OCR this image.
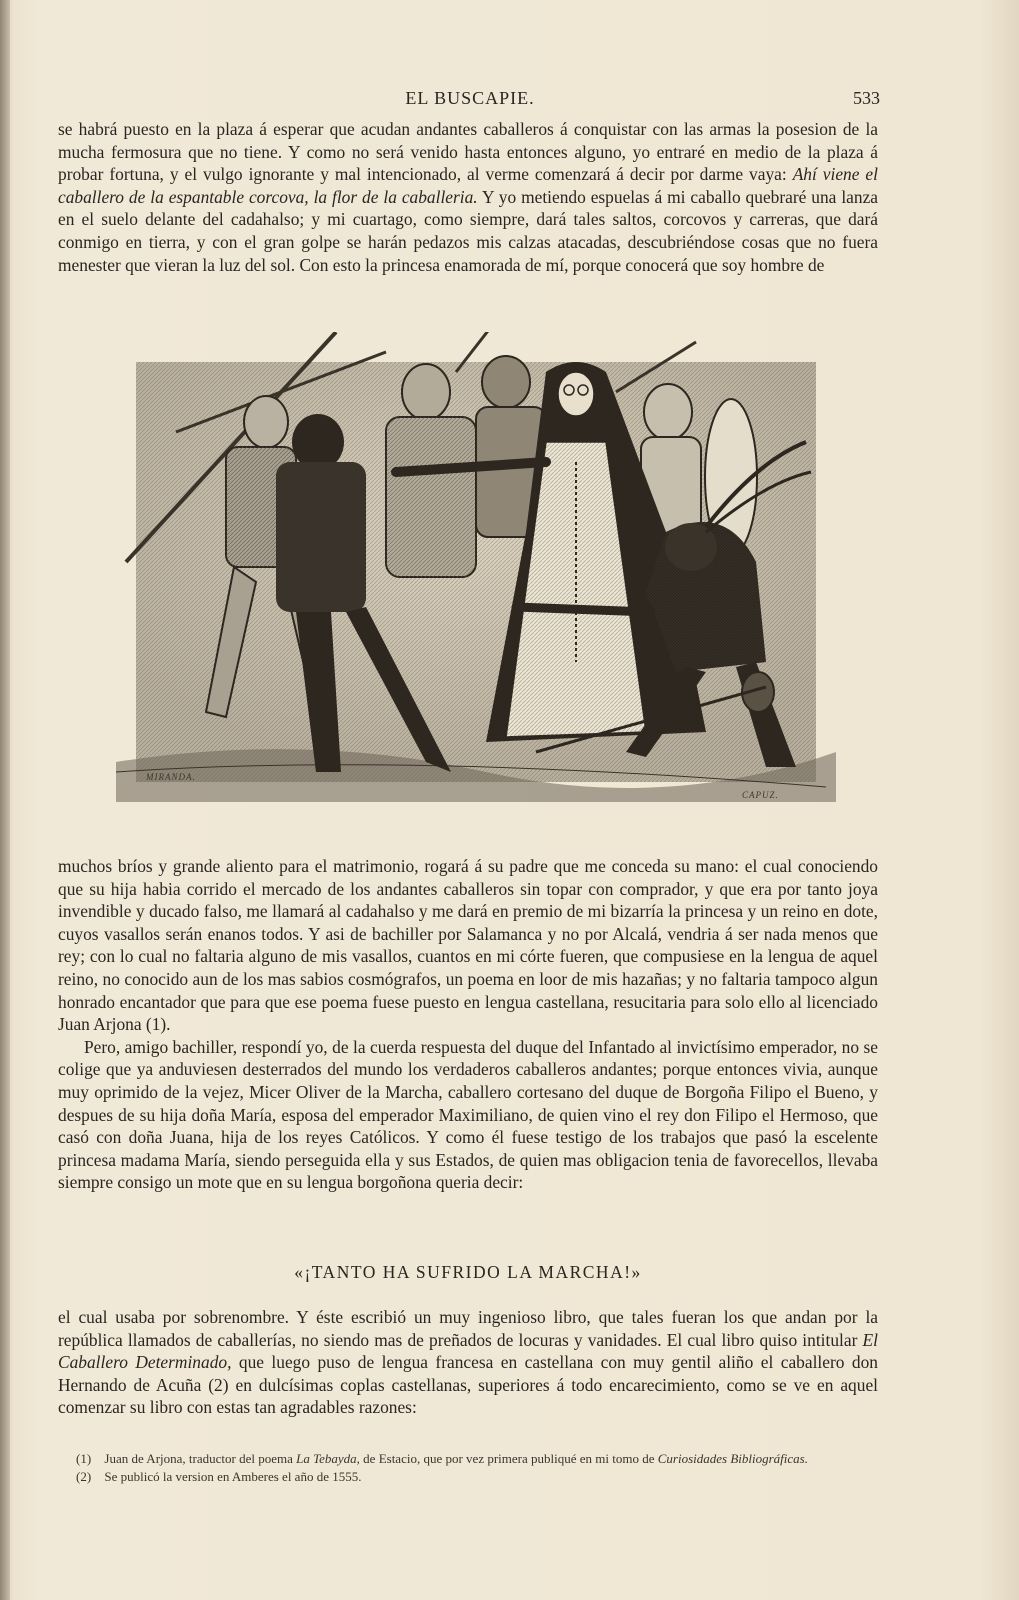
EL BUSCAPIE.	533

se habrá puesto en la plaza á esperar que acudan andantes caballeros á conquistar con las armas la posesion de la mucha fermosura que no tiene. Y como no será venido hasta entonces alguno, yo entraré en medio de la plaza á probar fortuna, y el vulgo ignorante y mal intencionado, al verme comenzará á decir por darme vaya: Ahí viene el caballero de la espantable corcova, la flor de la caballeria. Y yo metiendo espuelas á mi caballo quebraré una lanza en el suelo delante del cadahalso; y mi cuartago, como siempre, dará tales saltos, corcovos y carreras, que dará conmigo en tierra, y con el gran golpe se harán pedazos mis calzas atacadas, descubriéndose cosas que no fuera menester que vieran la luz del sol. Con esto la princesa enamorada de mí, porque conocerá que soy hombre de

MIRANDA.
CAPUZ.

muchos bríos y grande aliento para el matrimonio, rogará á su padre que me conceda su mano: el cual conociendo que su hija habia corrido el mercado de los andantes caballeros sin topar con comprador, y que era por tanto joya invendible y ducado falso, me llamará al cadahalso y me dará en premio de mi bizarría la princesa y un reino en dote, cuyos vasallos serán enanos todos. Y asi de bachiller por Salamanca y no por Alcalá, vendria á ser nada menos que rey; con lo cual no faltaria alguno de mis vasallos, cuantos en mi córte fueren, que compusiese en la lengua de aquel reino, no conocido aun de los mas sabios cosmógrafos, un poema en loor de mis hazañas; y no faltaria tampoco algun honrado encantador que para que ese poema fuese puesto en lengua castellana, resucitaria para solo ello al licenciado Juan Arjona (1).

Pero, amigo bachiller, respondí yo, de la cuerda respuesta del duque del Infantado al invictísimo emperador, no se colige que ya anduviesen desterrados del mundo los verdaderos caballeros andantes; porque entonces vivia, aunque muy oprimido de la vejez, Micer Oliver de la Marcha, caballero cortesano del duque de Borgoña Filipo el Bueno, y despues de su hija doña María, esposa del emperador Maximiliano, de quien vino el rey don Filipo el Hermoso, que casó con doña Juana, hija de los reyes Católicos. Y como él fuese testigo de los trabajos que pasó la escelente princesa madama María, siendo perseguida ella y sus Estados, de quien mas obligacion tenia de favorecellos, llevaba siempre consigo un mote que en su lengua borgoñona queria decir:

«¡TANTO HA SUFRIDO LA MARCHA!»

el cual usaba por sobrenombre. Y éste escribió un muy ingenioso libro, que tales fueran los que andan por la república llamados de caballerías, no siendo mas de preñados de locuras y vanidades. El cual libro quiso intitular El Caballero Determinado, que luego puso de lengua francesa en castellana con muy gentil aliño el caballero don Hernando de Acuña (2) en dulcísimas coplas castellanas, superiores á todo encarecimiento, como se ve en aquel comenzar su libro con estas tan agradables razones:

(1) Juan de Arjona, traductor del poema La Tebayda, de Estacio, que por vez primera publiqué en mi tomo de Curiosidades Bibliográficas.

(2) Se publicó la version en Amberes el año de 1555.
